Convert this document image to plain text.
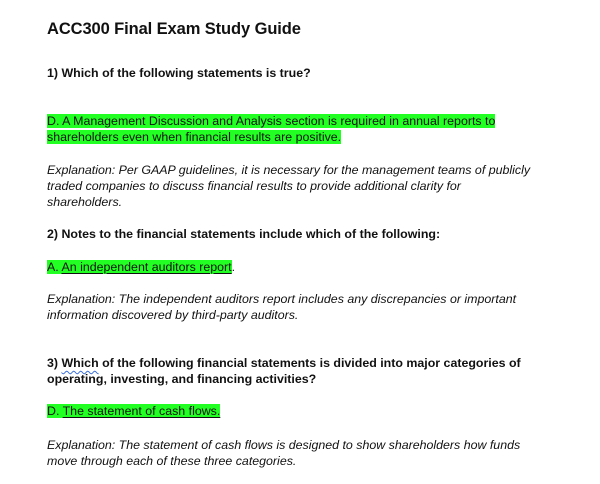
ACC300 Final Exam Study Guide
1) Which of the following statements is true?
D. A Management Discussion and Analysis section is required in annual reports to
shareholders even when financial results are positive.
Explanation: Per GAAP guidelines, it is necessary for the management teams of publicly
traded companies to discuss financial results to provide additional clarity for
shareholders.
2) Notes to the financial statements include which of the following:
A. An independent auditors report.
Explanation: The independent auditors report includes any discrepancies or important
information discovered by third-party auditors.
3) Which of the following financial statements is divided into major categories of
operating, investing, and financing activities?
D. The statement of cash flows.
Explanation: The statement of cash flows is designed to show shareholders how funds
move through each of these three categories.
